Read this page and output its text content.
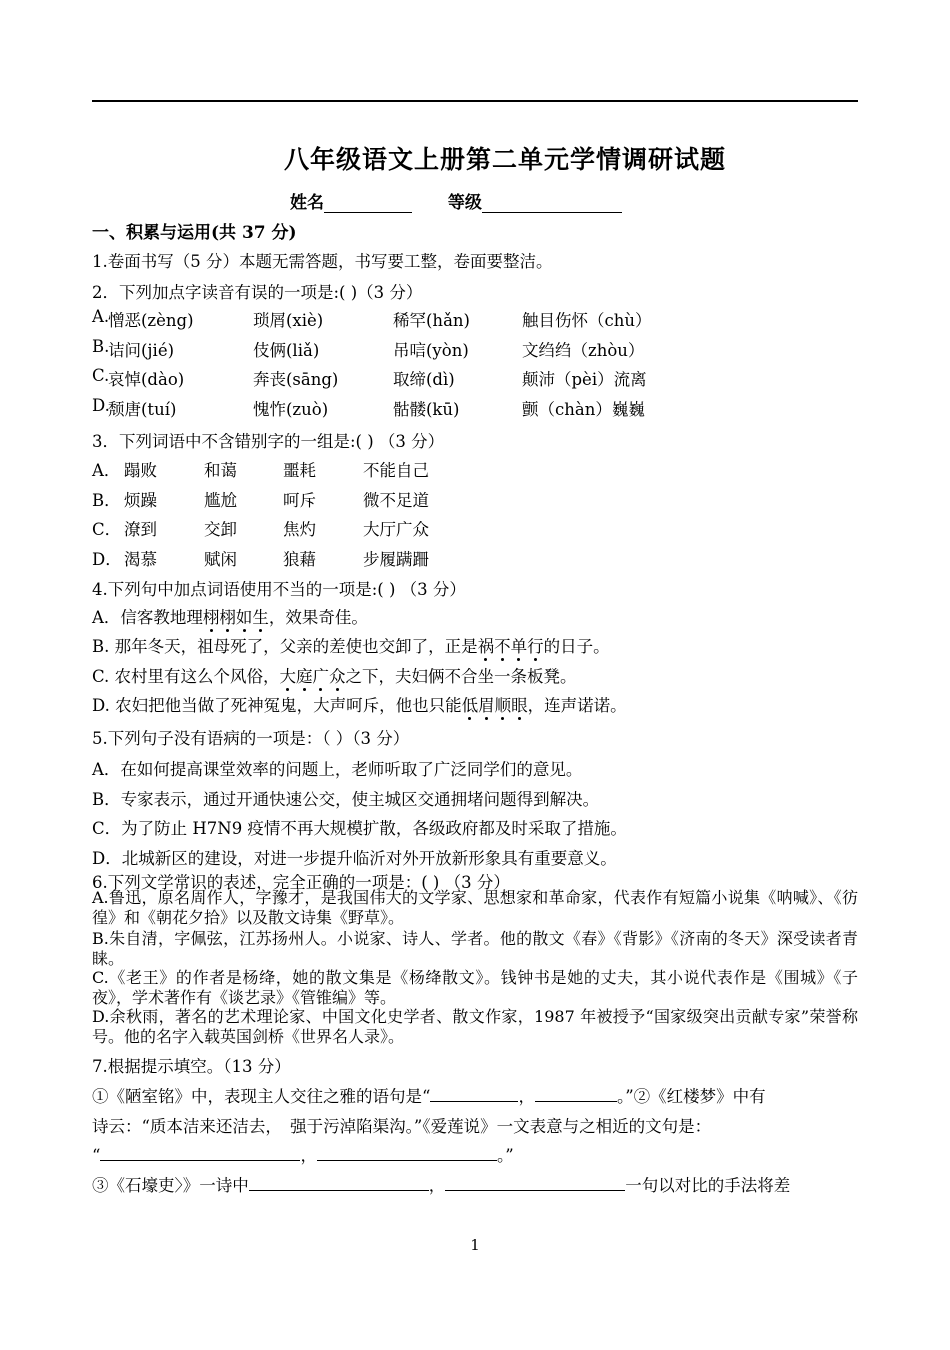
八年级语文上册第二单元学情调研试题
姓名	等级
一、积累与运用(共 37 分)
1.卷面书写（5 分）本题无需答题，书写要工整，卷面要整洁。
2．下列加点字读音有误的一项是:( )（3 分）
A.
憎恶(zèng)	琐屑(xiè)	稀罕(hǎn)	触目伤怀（chù）
B.
诘问(jié)	伎俩(liǎ)	吊唁(yòn)	文绉绉（zhòu）
C.
哀悼(dào)	奔丧(sāng)	取缔(dì)	颠沛（pèi）流离
D.
颓唐(tuí)	愧怍(zuò)	骷髅(kū)	颤（chàn）巍巍
3．下列词语中不含错别字的一组是:( ) （3 分）
A． 蹋败	和蔼	噩耗	不能自己
B． 烦躁	尴尬	呵斥	微不足道
C． 潦到	交卸	焦灼	大厅广众
D． 渴慕	赋闲	狼藉	步履蹒跚
4.下列句中加点词语使用不当的一项是:( ) （3 分）
A．信客教地理栩栩如生，效果奇佳。
B. 那年冬天，祖母死了，父亲的差使也交卸了，正是祸不单行的日子。
C. 农村里有这么个风俗，大庭广众之下，夫妇俩不合坐一条板凳。
D. 农妇把他当做了死神冤鬼，大声呵斥，他也只能低眉顺眼，连声诺诺。
5.下列句子没有语病的一项是：（ ）（3 分）
A．在如何提高课堂效率的问题上，老师听取了广泛同学们的意见。
B．专家表示，通过开通快速公交，使主城区交通拥堵问题得到解决。
C．为了防止 H7N9 疫情不再大规模扩散，各级政府都及时采取了措施。
D．北城新区的建设，对进一步提升临沂对外开放新形象具有重要意义。
6.下列文学常识的表述，完全正确的一项是：( ) （3 分）
A.鲁迅，原名周作人，字豫才，是我国伟大的文学家、思想家和革命家，代表作有短篇小说集《呐喊》、《彷徨》和《朝花夕拾》以及散文诗集《野草》。
B.朱自清，字佩弦，江苏扬州人。小说家、诗人、学者。他的散文《春》《背影》《济南的冬天》深受读者青睐。
C.《老王》的作者是杨绛，她的散文集是《杨绛散文》。钱钟书是她的丈夫，其小说代表作是《围城》《子夜》，学术著作有《谈艺录》《管锥编》等。
D.余秋雨，著名的艺术理论家、中国文化史学者、散文作家，1987 年被授予“国家级突出贡献专家”荣誉称号。他的名字入载英国剑桥《世界名人录》。
7.根据提示填空。（13 分）
①《陋室铭》中，表现主人交往之雅的语句是“	，	。”②《红楼梦》中有
诗云：“质本洁来还洁去，　强于污淖陷渠沟。”《爱莲说》一文表意与之相近的文句是：
“	，	。”
③《石壕吏〉》一诗中	，	一句以对比的手法将差
1
